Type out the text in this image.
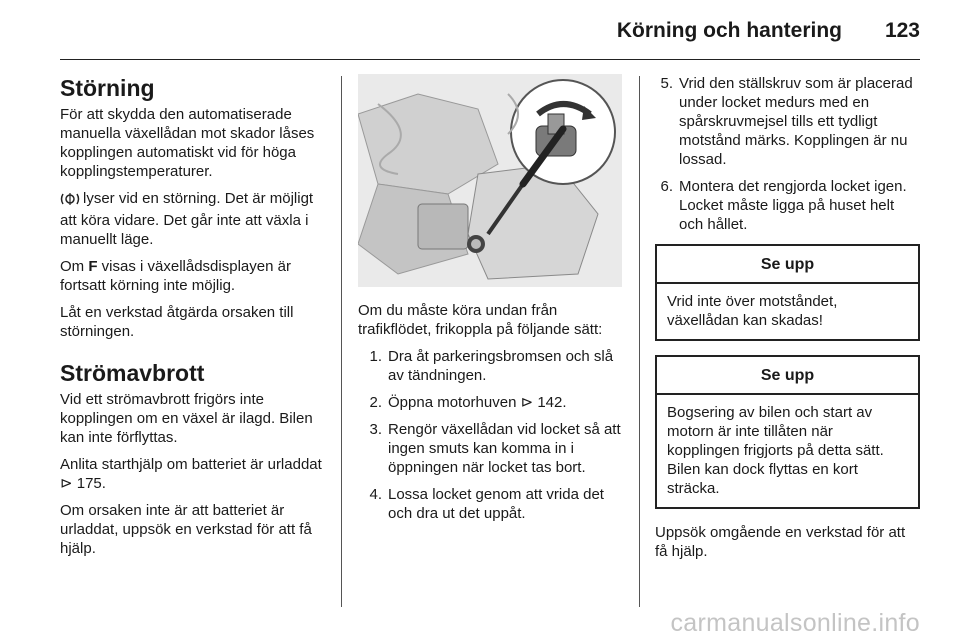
Körning och hantering 123
Störning

För att skydda den automatiserade manuella växellådan mot skador låses kopplingen automatiskt vid för höga kopplingstemperaturer.

lyser vid en störning. Det är möjligt att köra vidare. Det går inte att växla i manuellt läge.

Om F visas i växellådsdisplayen är fortsatt körning inte möjlig.

Låt en verkstad åtgärda orsaken till störningen.

Strömavbrott

Vid ett strömavbrott frigörs inte kopplingen om en växel är ilagd. Bilen kan inte förflyttas.

Anlita starthjälp om batteriet är urladdat ⊳ 175.

Om orsaken inte är att batteriet är urladdat, uppsök en verkstad för att få hjälp.

Om du måste köra undan från trafikflödet, frikoppla på följande sätt:

1. Dra åt parkeringsbromsen och slå av tändningen.
2. Öppna motorhuven ⊳ 142.
3. Rengör växellådan vid locket så att ingen smuts kan komma in i öppningen när locket tas bort.
4. Lossa locket genom att vrida det och dra ut det uppåt.
5. Vrid den ställskruv som är placerad under locket medurs med en spårskruvmejsel tills ett tydligt motstånd märks. Kopplingen är nu lossad.
6. Montera det rengjorda locket igen. Locket måste ligga på huset helt och hållet.
Se upp
Vrid inte över motståndet, växellådan kan skadas!
Se upp
Bogsering av bilen och start av motorn är inte tillåten när kopplingen frigjorts på detta sätt. Bilen kan dock flyttas en kort sträcka.

Uppsök omgående en verkstad för att få hjälp.

carmanualsonline.info
